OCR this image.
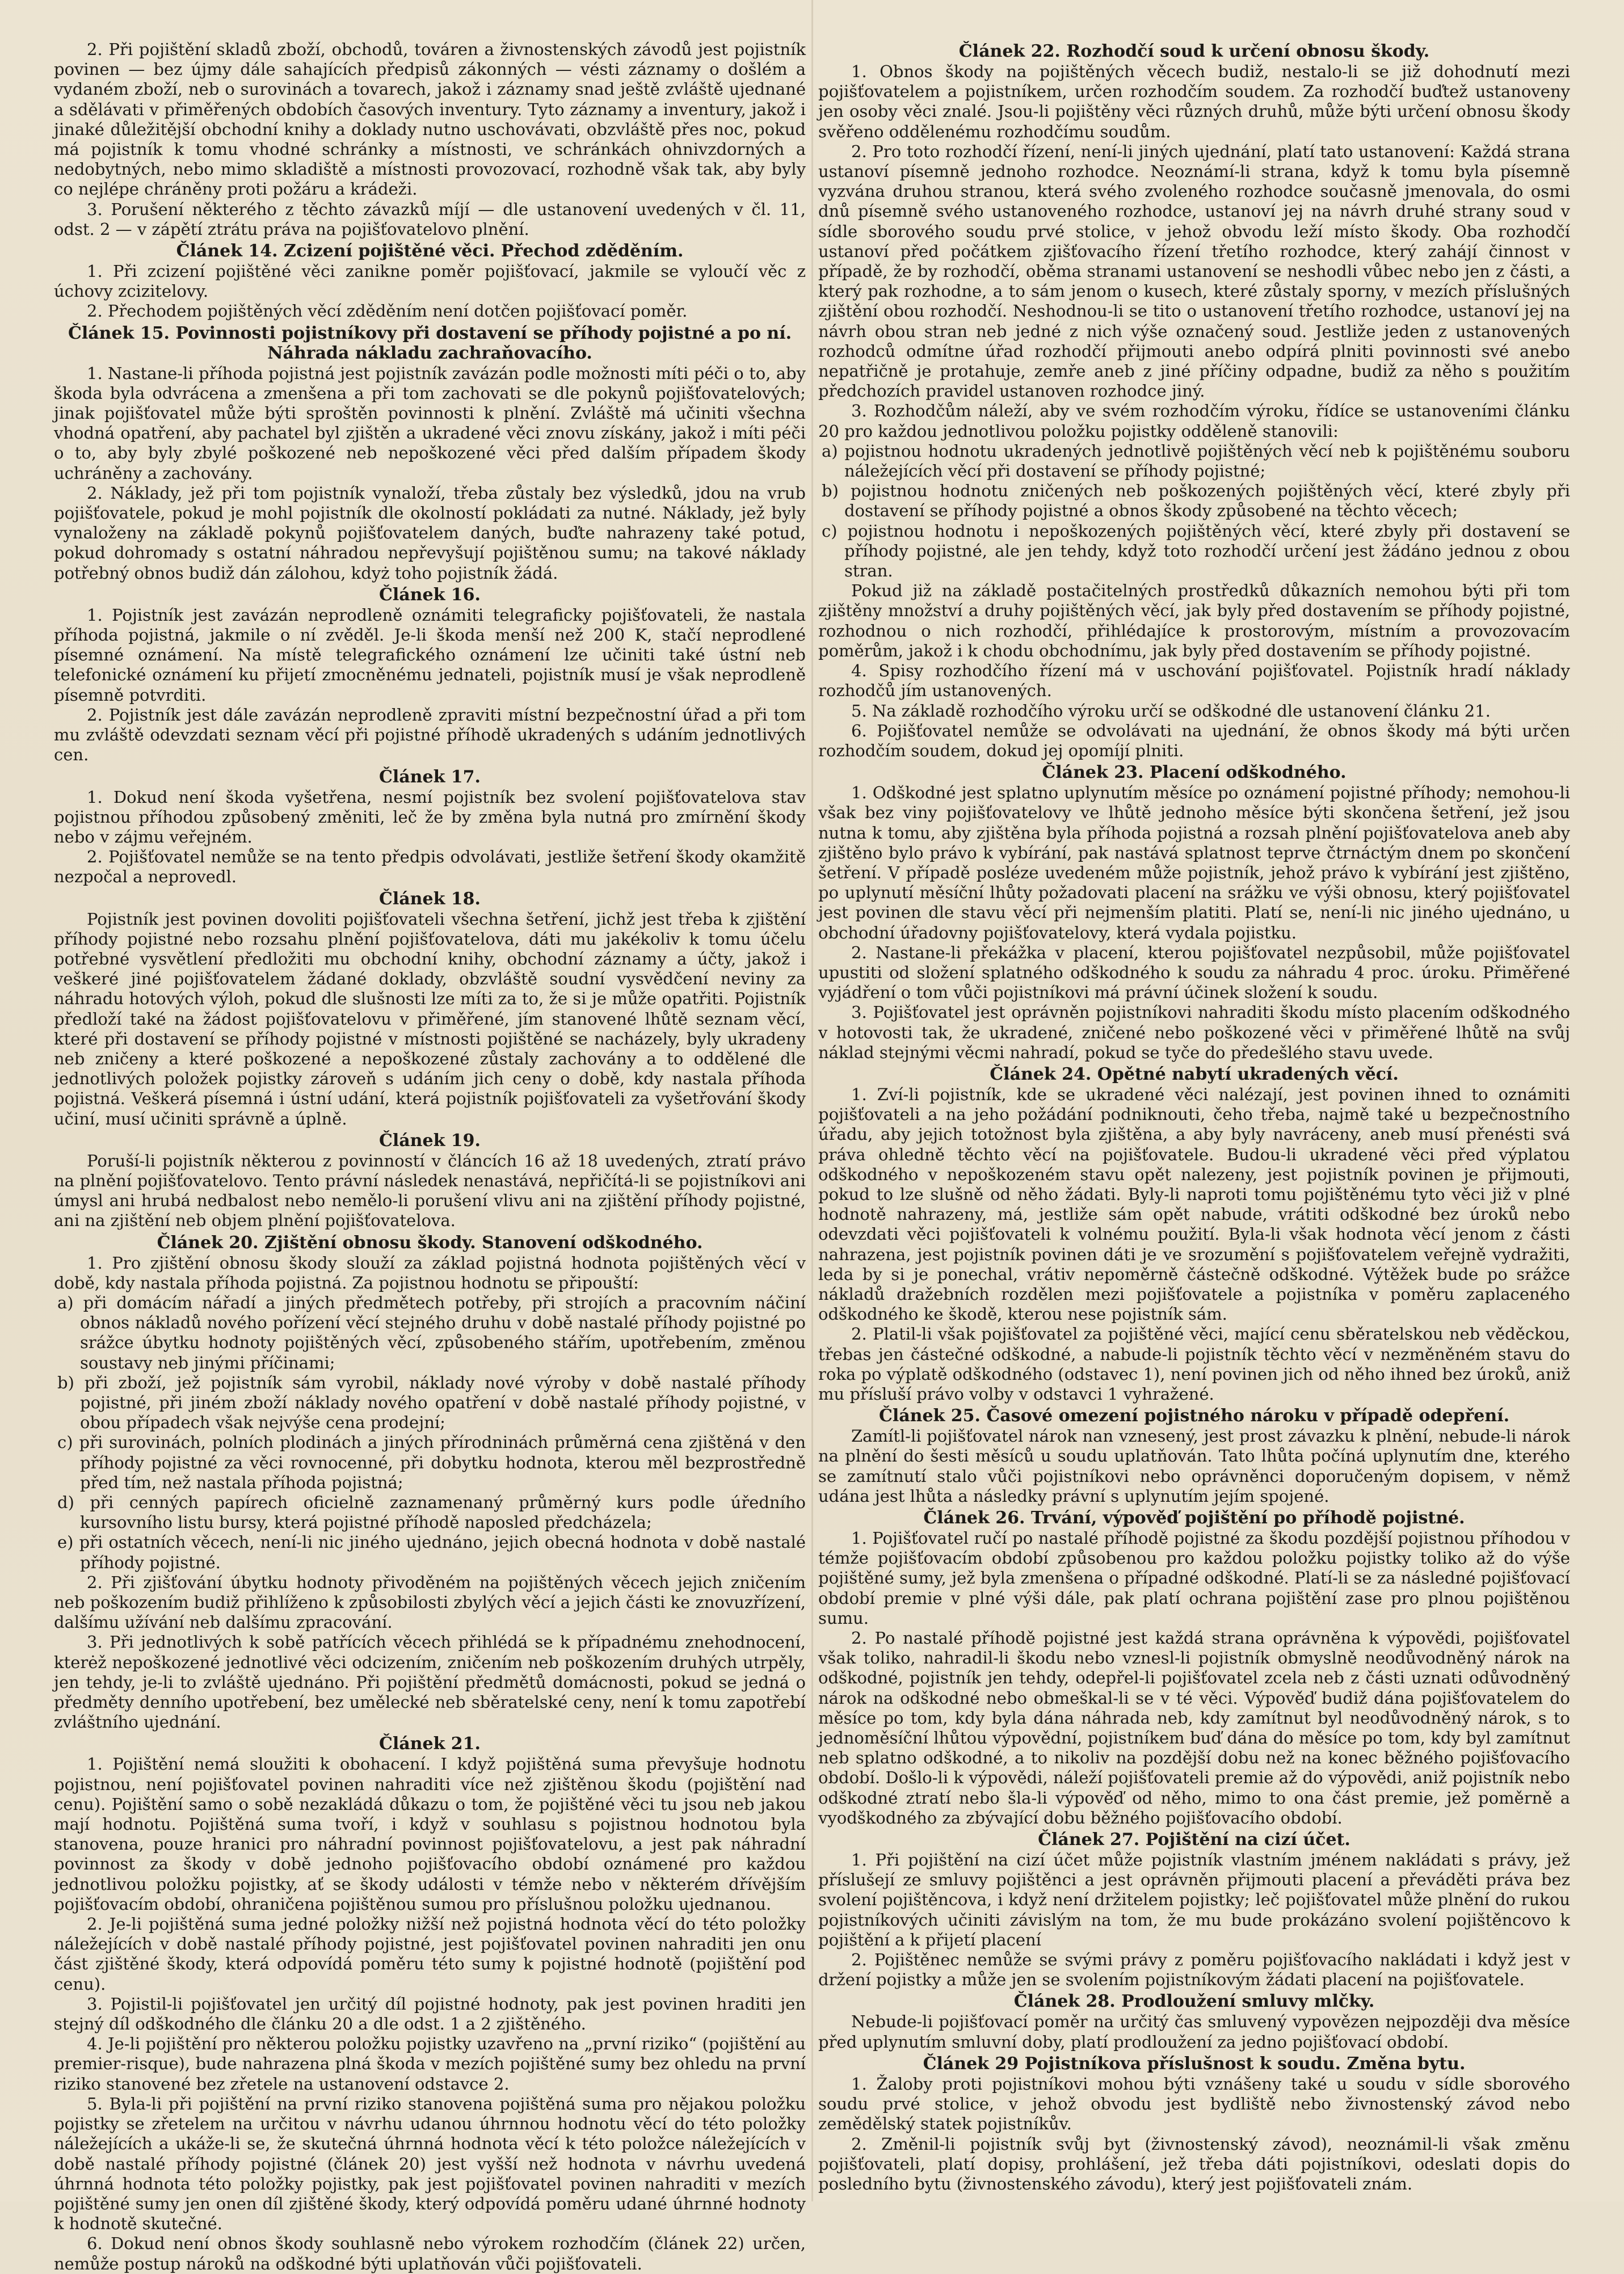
2. Při pojištění skladů zboží, obchodů, továren a živnostenských závodů jest pojistník povinen — bez újmy dále sahajících předpisů zákonných — vésti záznamy o došlém a vydaném zboží, neb o surovinách a tovarech, jakož i záznamy snad ještě zvláště ujednané a sdělávati v přiměřených obdobích časových inventury. Tyto záznamy a inventury, jakož i jinaké důležitější obchodní knihy a doklady nutno uschovávati, obzvláště přes noc, pokud má pojistník k tomu vhodné schránky a místnosti, ve schránkách ohnivzdorných a nedobytných, nebo mimo skladiště a místnosti provozovací, rozhodně však tak, aby byly co nejlépe chráněny proti požáru a krádeži.

3. Porušení některého z těchto závazků míjí — dle ustanovení uvedených v čl. 11, odst. 2 — v zápětí ztrátu práva na pojišťovatelovo plnění.

Článek 14. Zcizení pojištěné věci. Přechod zděděním.

1. Při zcizení pojištěné věci zanikne poměr pojišťovací, jakmile se vyloučí věc z úchovy zcizitelovy.

2. Přechodem pojištěných věcí zděděním není dotčen pojišťovací poměr.

Článek 15. Povinnosti pojistníkovy při dostavení se příhody pojistné a po ní. Náhrada nákladu zachraňovacího.

1. Nastane-li příhoda pojistná jest pojistník zavázán podle možnosti míti péči o to, aby škoda byla odvrácena a zmenšena a při tom zachovati se dle pokynů pojišťovatelových; jinak pojišťovatel může býti sproštěn povinnosti k plnění. Zvláště má učiniti všechna vhodná opatření, aby pachatel byl zjištěn a ukradené věci znovu získány, jakož i míti péči o to, aby byly zbylé poškozené neb nepoškozené věci před dalším případem škody uchráněny a zachovány.

2. Náklady, jež při tom pojistník vynaloží, třeba zůstaly bez výsledků, jdou na vrub pojišťovatele, pokud je mohl pojistník dle okolností pokládati za nutné. Náklady, jež byly vynaloženy na základě pokynů pojišťovatelem daných, buďte nahrazeny také potud, pokud dohromady s ostatní náhradou nepřevyšují pojištěnou sumu; na takové náklady potřebný obnos budiž dán zálohou, kdyż toho pojistník žádá.

Článek 16.

1. Pojistník jest zavázán neprodleně oznámiti telegraficky pojišťovateli, že nastala příhoda pojistná, jakmile o ní zvěděl. Je-li škoda menší než 200 K, stačí neprodlené písemné oznámení. Na místě telegrafického oznámení lze učiniti také ústní neb telefonické oznámení ku přijetí zmocněnému jednateli, pojistník musí je však neprodleně písemně potvrditi.

2. Pojistník jest dále zavázán neprodleně zpraviti místní bezpečnostní úřad a při tom mu zvláště odevzdati seznam věcí při pojistné příhodě ukradených s udáním jednotlivých cen.

Článek 17.

1. Dokud není škoda vyšetřena, nesmí pojistník bez svolení pojišťovatelova stav pojistnou příhodou způsobený změniti, leč že by změna byla nutná pro zmírnění škody nebo v zájmu veřejném.

2. Pojišťovatel nemůže se na tento předpis odvolávati, jestliže šetření škody okamžitě nezpočal a neprovedl.

Článek 18.

Pojistník jest povinen dovoliti pojišťovateli všechna šetření, jichž jest třeba k zjištění příhody pojistné nebo rozsahu plnění pojišťovatelova, dáti mu jakékoliv k tomu účelu potřebné vysvětlení předložiti mu obchodní knihy, obchodní záznamy a účty, jakož i veškeré jiné pojišťovatelem žádané doklady, obzvláště soudní vysvědčení neviny za náhradu hotových výloh, pokud dle slušnosti lze míti za to, že si je může opatřiti. Pojistník předloží také na žádost pojišťovatelovu v přiměřené, jím stanovené lhůtě seznam věcí, které při dostavení se příhody pojistné v místnosti pojištěné se nacházely, byly ukradeny neb zničeny a které poškozené a nepoškozené zůstaly zachovány a to oddělené dle jednotlivých položek pojistky zároveň s udáním jich ceny o době, kdy nastala příhoda pojistná. Veškerá písemná i ústní udání, která pojistník pojišťovateli za vyšetřování škody učiní, musí učiniti správně a úplně.

Článek 19.

Poruší-li pojistník některou z povinností v článcích 16 až 18 uvedených, ztratí právo na plnění pojišťovatelovo. Tento právní následek nenastává, nepřičítá-li se pojistníkovi ani úmysl ani hrubá nedbalost nebo nemělo-li porušení vlivu ani na zjištění příhody pojistné, ani na zjištění neb objem plnění pojišťovatelova.

Článek 20. Zjištění obnosu škody. Stanovení odškodného.

1. Pro zjištění obnosu škody slouží za základ pojistná hodnota pojištěných věcí v době, kdy nastala příhoda pojistná. Za pojistnou hodnotu se připouští:

a) při domácím nářadí a jiných předmětech potřeby, při strojích a pracovním náčiní obnos nákladů nového pořízení věcí stejného druhu v době nastalé příhody pojistné po srážce úbytku hodnoty pojištěných věcí, způsobeného stářím, upotřebením, změnou soustavy neb jinými příčinami;

b) při zboží, jež pojistník sám vyrobil, náklady nové výroby v době nastalé příhody pojistné, při jiném zboží náklady nového opatření v době nastalé příhody pojistné, v obou případech však nejvýše cena prodejní;

c) při surovinách, polních plodinách a jiných přírodninách průměrná cena zjištěná v den příhody pojistné za věci rovnocenné, při dobytku hodnota, kterou měl bezprostředně před tím, než nastala příhoda pojistná;

d) při cenných papírech oficielně zaznamenaný průměrný kurs podle úředního kursovního listu bursy, která pojistné příhodě naposled předcházela;

e) při ostatních věcech, není-li nic jiného ujednáno, jejich obecná hodnota v době nastalé příhody pojistné.

2. Při zjišťování úbytku hodnoty přivoděném na pojištěných věcech jejich zničením neb poškozením budiž přihlíženo k způsobilosti zbylých věcí a jejich části ke znovuzřízení, dalšímu užívání neb dalšímu zpracování.

3. Při jednotlivých k sobě patřících věcech přihlédá se k případnému znehodnocení, kterėž nepoškozené jednotlivé věci odcizením, zničením neb poškozením druhých utrpěly, jen tehdy, je-li to zvláště ujednáno. Při pojištění předmětů domácnosti, pokud se jedná o předměty denního upotřebení, bez umělecké neb sběratelské ceny, není k tomu zapotřebí zvláštního ujednání.

Článek 21.

1. Pojištění nemá sloužiti k obohacení. I když pojištěná suma převyšuje hodnotu pojistnou, není pojišťovatel povinen nahraditi více než zjištěnou škodu (pojištění nad cenu). Pojištění samo o sobě nezakládá důkazu o tom, že pojištěné věci tu jsou neb jakou mají hodnotu. Pojištěná suma tvoří, i když v souhlasu s pojistnou hodnotou byla stanovena, pouze hranici pro náhradní povinnost pojišťovatelovu, a jest pak náhradní povinnost za škody v době jednoho pojišťovacího období oznámené pro každou jednotlivou položku pojistky, ať se škody události v témže nebo v některém dřívějším pojišťovacím období, ohraničena pojištěnou sumou pro příslušnou položku ujednanou.

2. Je-li pojištěná suma jedné položky nižší než pojistná hodnota věcí do této položky náležejících v době nastalé příhody pojistné, jest pojišťovatel povinen nahraditi jen onu část zjištěné škody, která odpovídá poměru této sumy k pojistné hodnotě (pojištění pod cenu).

3. Pojistil-li pojišťovatel jen určitý díl pojistné hodnoty, pak jest povinen hraditi jen stejný díl odškodného dle článku 20 a dle odst. 1 a 2 zjištěného.

4. Je-li pojištění pro některou položku pojistky uzavřeno na „první riziko“ (pojištění au premier-risque), bude nahrazena plná škoda v mezích pojištěné sumy bez ohledu na první riziko stanovené bez zřetele na ustanovení odstavce 2.

5. Byla-li při pojištění na první riziko stanovena pojištěná suma pro nějakou položku pojistky se zřetelem na určitou v návrhu udanou úhrnnou hodnotu věcí do této položky náležejících a ukáže-li se, že skutečná úhrnná hodnota věcí k této položce náležejících v době nastalé příhody pojistné (článek 20) jest vyšší než hodnota v návrhu uvedená úhrnná hodnota této položky pojistky, pak jest pojišťovatel povinen nahraditi v mezích pojištěné sumy jen onen díl zjištěné škody, který odpovídá poměru udané úhrnné hodnoty k hodnotě skutečné.

6. Dokud není obnos škody souhlasně nebo výrokem rozhodčím (článek 22) určen, nemůže postup nároků na odškodné býti uplatňován vůči pojišťovateli.

Článek 22. Rozhodčí soud k určení obnosu škody.

1. Obnos škody na pojištěných věcech budiž, nestalo-li se již dohodnutí mezi pojišťovatelem a pojistníkem, určen rozhodčím soudem. Za rozhodčí buďtež ustanoveny jen osoby věci znalé. Jsou-li pojištěny věci různých druhů, může býti určení obnosu škody svěřeno oddělenému rozhodčímu soudům.

2. Pro toto rozhodčí řízení, není-li jiných ujednání, platí tato ustanovení: Každá strana ustanoví písemně jednoho rozhodce. Neoznámí-li strana, když k tomu byla písemně vyzvána druhou stranou, která svého zvoleného rozhodce současně jmenovala, do osmi dnů písemně svého ustanoveného rozhodce, ustanoví jej na návrh druhé strany soud v sídle sborového soudu prvé stolice, v jehož obvodu leží místo škody. Oba rozhodčí ustanoví před počátkem zjišťovacího řízení třetího rozhodce, který zahájí činnost v případě, že by rozhodčí, oběma stranami ustanovení se neshodli vůbec nebo jen z části, a který pak rozhodne, a to sám jenom o kusech, které zůstaly sporny, v mezích příslušných zjištění obou rozhodčí. Neshodnou-li se tito o ustanovení třetího rozhodce, ustanoví jej na návrh obou stran neb jedné z nich výše označený soud. Jestliže jeden z ustanovených rozhodců odmítne úřad rozhodčí přijmouti anebo odpírá plniti povinnosti své anebo nepatřičně je protahuje, zemře aneb z jiné příčiny odpadne, budiž za něho s použitím předchozích pravidel ustanoven rozhodce jiný.

3. Rozhodčům náleží, aby ve svém rozhodčím výroku, řídíce se ustanoveními článku 20 pro každou jednotlivou položku pojistky odděleně stanovili:

a) pojistnou hodnotu ukradených jednotlivě pojištěných věcí neb k pojištěnému souboru náležejících věcí při dostavení se příhody pojistné;

b) pojistnou hodnotu zničených neb poškozených pojištěných věcí, které zbyly při dostavení se příhody pojistné a obnos škody způsobené na těchto věcech;

c) pojistnou hodnotu i nepoškozených pojištěných věcí, které zbyly při dostavení se příhody pojistné, ale jen tehdy, když toto rozhodčí určení jest žádáno jednou z obou stran.

Pokud již na základě postačitelných prostředků důkazních nemohou býti při tom zjištěny množství a druhy pojištěných věcí, jak byly před dostavením se příhody pojistné, rozhodnou o nich rozhodčí, přihlédajíce k prostorovým, místním a provozovacím poměrům, jakož i k chodu obchodnímu, jak byly před dostavením se příhody pojistné.

4. Spisy rozhodčího řízení má v uschování pojišťovatel. Pojistník hradí náklady rozhodčů jím ustanovených.

5. Na základě rozhodčího výroku určí se odškodné dle ustanovení článku 21.

6. Pojišťovatel nemůže se odvolávati na ujednání, že obnos škody má býti určen rozhodčím soudem, dokud jej opomíjí plniti.

Článek 23. Placení odškodného.

1. Odškodné jest splatno uplynutím měsíce po oznámení pojistné příhody; nemohou-li však bez viny pojišťovatelovy ve lhůtě jednoho měsíce býti skončena šetření, jež jsou nutna k tomu, aby zjištěna byla příhoda pojistná a rozsah plnění pojišťovatelova aneb aby zjištěno bylo právo k vybírání, pak nastává splatnost teprve čtrnáctým dnem po skončení šetření. V případě posléze uvedeném může pojistník, jehož právo k vybírání jest zjištěno, po uplynutí měsíční lhůty požadovati placení na srážku ve výši obnosu, který pojišťovatel jest povinen dle stavu věcí při nejmenším platiti. Platí se, není-li nic jiného ujednáno, u obchodní úřadovny pojišťovatelovy, která vydala pojistku.

2. Nastane-li překážka v placení, kterou pojišťovatel nezpůsobil, může pojišťovatel upustiti od složení splatného odškodného k soudu za náhradu 4 proc. úroku. Přiměřené vyjádření o tom vůči pojistníkovi má právní účinek složení k soudu.

3. Pojišťovatel jest oprávněn pojistníkovi nahraditi škodu místo placením odškodného v hotovosti tak, že ukradené, zničené nebo poškozené věci v přiměřené lhůtě na svůj náklad stejnými věcmi nahradí, pokud se tyče do předešlého stavu uvede.

Článek 24. Opětné nabytí ukradených věcí.

1. Zví-li pojistník, kde se ukradené věci nalézají, jest povinen ihned to oznámiti pojišťovateli a na jeho požádání podniknouti, čeho třeba, najmě také u bezpečnostního úřadu, aby jejich totožnost byla zjištěna, a aby byly navráceny, aneb musí přenésti svá práva ohledně těchto věcí na pojišťovatele. Budou-li ukradené věci před výplatou odškodného v nepoškozeném stavu opět nalezeny, jest pojistník povinen je přijmouti, pokud to lze slušně od něho žádati. Byly-li naproti tomu pojištěnému tyto věci již v plné hodnotě nahrazeny, má, jestliže sám opět nabude, vrátiti odškodné bez úroků nebo odevzdati věci pojišťovateli k volnému použití. Byla-li však hodnota věcí jenom z části nahrazena, jest pojistník povinen dáti je ve srozumění s pojišťovatelem veřejně vydražiti, leda by si je ponechal, vrátiv nepoměrně částečně odškodné. Výtěžek bude po srážce nákladů dražebních rozdělen mezi pojišťovatele a pojistníka v poměru zaplaceného odškodného ke škodě, kterou nese pojistník sám.

2. Platil-li však pojišťovatel za pojištěné věci, mající cenu sběratelskou neb věděckou, třebas jen částečné odškodné, a nabude-li pojistník těchto věcí v nezměněném stavu do roka po výplatě odškodného (odstavec 1), není povinen jich od něho ihned bez úroků, aniž mu přísluší právo volby v odstavci 1 vyhražené.

Článek 25. Časové omezení pojistného nároku v případě odepření.

Zamítl-li pojišťovatel nárok nan vznesený, jest prost závazku k plnění, nebude-li nárok na plnění do šesti měsíců u soudu uplatňován. Tato lhůta počíná uplynutím dne, kterého se zamítnutí stalo vůči pojistníkovi nebo oprávněnci doporučeným dopisem, v němž udána jest lhůta a následky právní s uplynutím jejím spojené.

Článek 26. Trvání, výpověď pojištění po příhodě pojistné.

1. Pojišťovatel ručí po nastalé příhodě pojistné za škodu pozdější pojistnou příhodou v témže pojišťovacím období způsobenou pro každou položku pojistky toliko až do výše pojištěné sumy, jež byla zmenšena o případné odškodné. Platí-li se za následné pojišťovací období premie v plné výši dále, pak platí ochrana pojištění zase pro plnou pojištěnou sumu.

2. Po nastalé příhodě pojistné jest každá strana oprávněna k výpovědi, pojišťovatel však toliko, nahradil-li škodu nebo vznesl-li pojistník obmyslně neodůvodněný nárok na odškodné, pojistník jen tehdy, odepřel-li pojišťovatel zcela neb z části uznati odůvodněný nárok na odškodné nebo obmeškal-li se v té věci. Výpověď budiž dána pojišťovatelem do měsíce po tom, kdy byla dána náhrada neb, kdy zamítnut byl neodůvodněný nárok, s to jednoměsíční lhůtou výpovědní, pojistníkem buď dána do měsíce po tom, kdy byl zamítnut neb splatno odškodné, a to nikoliv na pozdější dobu než na konec běžného pojišťovacího období. Došlo-li k výpovědi, náleží pojišťovateli premie až do výpovědi, aniž pojistník nebo odškodné ztratí nebo šla-li výpověď od něho, mimo to ona část premie, jež poměrně a vyodškodného za zbývající dobu běžného pojišťovacího období.

Článek 27. Pojištění na cizí účet.

1. Při pojištění na cizí účet může pojistník vlastním jménem nakládati s právy, jež příslušejí ze smluvy pojištěnci a jest oprávněn přijmouti placení a převáděti práva bez svolení pojištěncova, i když není držitelem pojistky; leč pojišťovatel může plnění do rukou pojistníkových učiniti závislým na tom, že mu bude prokázáno svolení pojištěncovo k pojištění a k přijetí placení

2. Pojištěnec nemůže se svými právy z poměru pojišťovacího nakládati i když jest v držení pojistky a může jen se svolením pojistníkovým žádati placení na pojišťovatele.

Článek 28. Prodloužení smluvy mlčky.

Nebude-li pojišťovací poměr na určitý čas smluvený vypovězen nejpozději dva měsíce před uplynutím smluvní doby, platí prodloužení za jedno pojišťovací období.

Článek 29 Pojistníkova příslušnost k soudu. Změna bytu.

1. Žaloby proti pojistníkovi mohou býti vznášeny také u soudu v sídle sborového soudu prvé stolice, v jehož obvodu jest bydliště nebo živnostenský závod nebo zemědělský statek pojistníkův.

2. Změnil-li pojistník svůj byt (živnostenský závod), neoznámil-li však změnu pojišťovateli, platí dopisy, prohlášení, jež třeba dáti pojistníkovi, odeslati dopis do posledního bytu (živnostenského závodu), který jest pojišťovateli znám.
